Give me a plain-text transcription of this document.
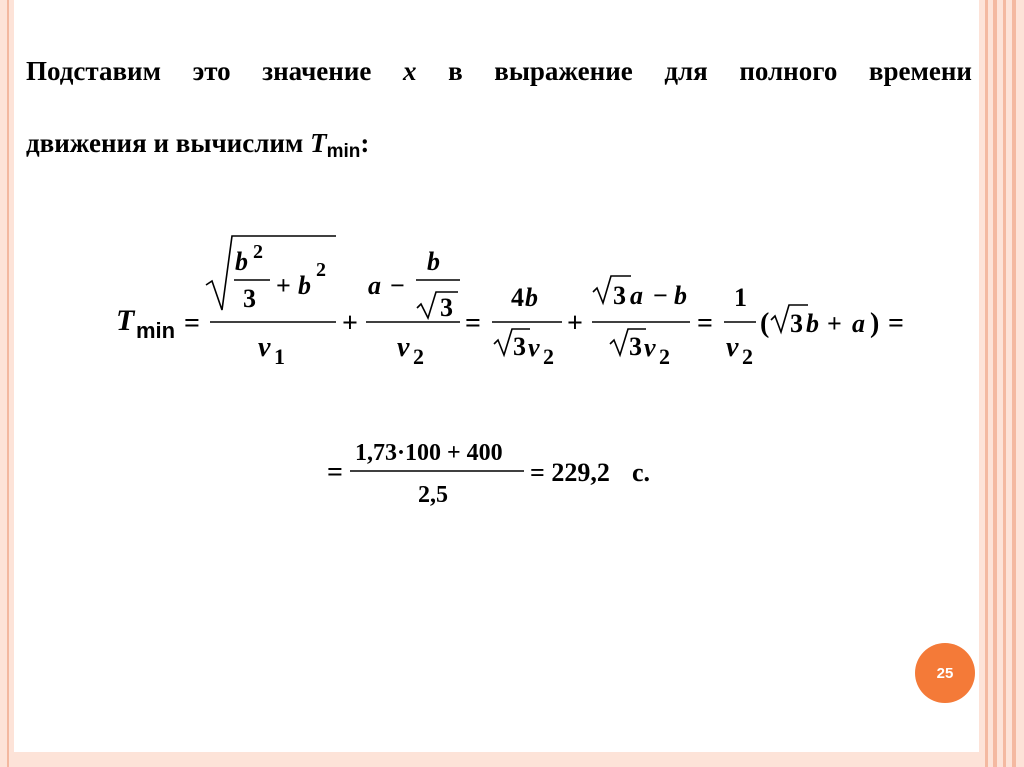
Подставим это значение x в выражение для полного времени
движения и вычислим $T_{min}$:
T min =
b 2
3 + b
2
v 1
+
a −
b
3
v 2
=
4 b
3 v 2
+
3 a − b
3 v 2
=
1
v 2
( 3 b + a ) =
=
1,73·100 + 400
2,5
= 229,2 с.
25
